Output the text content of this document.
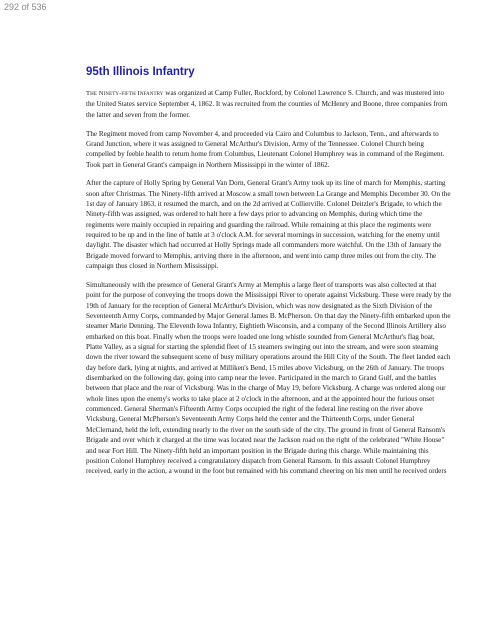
292 of 536
95th Illinois Infantry

The Ninety-fifth Infantry was organized at Camp Fuller, Rockford, by Colonel Lawrence S. Church, and was mustered into the United States service September 4, 1862. It was recruited from the counties of McHenry and Boone, three companies from the latter and seven from the former.

The Regiment moved from camp November 4, and proceeded via Cairo and Columbus to Jackson, Tenn., and afterwards to Grand Junction, where it was assigned to General McArthur's Division, Army of the Tennessee. Colonel Church being compelled by feeble health to return home from Columbus, Lieutenant Colonel Humphrey was in command of the Regiment. Took part in General Grant's campaign in Northern Mississippi in the winter of 1862.

After the capture of Holly Spring by General Van Dorn, General Grant's Army took up its line of march for Memphis, starting soon after Christmas. The Ninety-fifth arrived at Moscow a small town between La Grange and Memphis December 30. On the 1st day of January 1863, it resumed the march, and on the 2d arrived at Collierville. Colonel Deitzler's Brigade, to which the Ninety-fifth was assigned, was ordered to halt here a few days prior to advancing on Memphis, during which time the regiments were mainly occupied in repairing and guarding the railroad. While remaining at this place the regiments were required to be up and in the line of battle at 3 o'clock A.M. for several mornings in succession, watching for the enemy until daylight. The disaster which had occurred at Holly Springs made all commanders more watchful. On the 13th of January the Brigade moved forward to Memphis, arriving there in the afternoon, and went into camp three miles out from the city. The campaign thus closed in Northern Mississippi.

Simultaneously with the presence of General Grant's Army at Memphis a large fleet of transports was also collected at that point for the purpose of conveying the troops down the Mississippi River to operate against Vicksburg. These were ready by the 19th of January for the reception of General McArthur's Division, which was now designated as the Sixth Division of the Seventeenth Army Corps, commanded by Major General James B. McPherson. On that day the Ninety-fifth embarked upon the steamer Marie Denning. The Eleventh Iowa Infantry, Eightieth Wisconsin, and a company of the Second Illinois Artillery also embarked on this boat. Finally when the troops were loaded one long whistle sounded from General McArthur's flag boat, Platte Valley, as a signal for starting the splendid fleet of 15 steamers swinging out into the stream, and were soon steaming down the river toward the subsequent scene of busy military operations around the Hill City of the South. The fleet landed each day before dark, lying at nights, and arrived at Milliken's Bend, 15 miles above Vicksburg, on the 26th of January. The troops disembarked on the following day, going into camp near the levee. Participated in the march to Grand Gulf, and the battles between that place and the rear of Vicksburg. Was in the charge of May 19, before Vicksburg. A charge was ordered along our whole lines upon the enemy's works to take place at 2 o'clock in the afternoon, and at the appointed hour the furious onset commenced. General Sherman's Fifteenth Army Corps occupied the right of the federal line resting on the river above Vicksburg, General McPherson's Seventeenth Army Corps held the center and the Thirteenth Corps, under General McClernand, held the left, extending nearly to the river on the south side of the city. The ground in front of General Ransom's Brigade and over which it charged at the time was located near the Jackson road on the right of the celebrated "White House" and near Fort Hill. The Ninety-fifth held an important position in the Brigade during this charge. While maintaining this position Colonel Humphrey received a congratulatory dispatch from General Ransom. In this assault Colonel Humphrey received, early in the action, a wound in the foot but remained with his command cheering on his men until he received orders
